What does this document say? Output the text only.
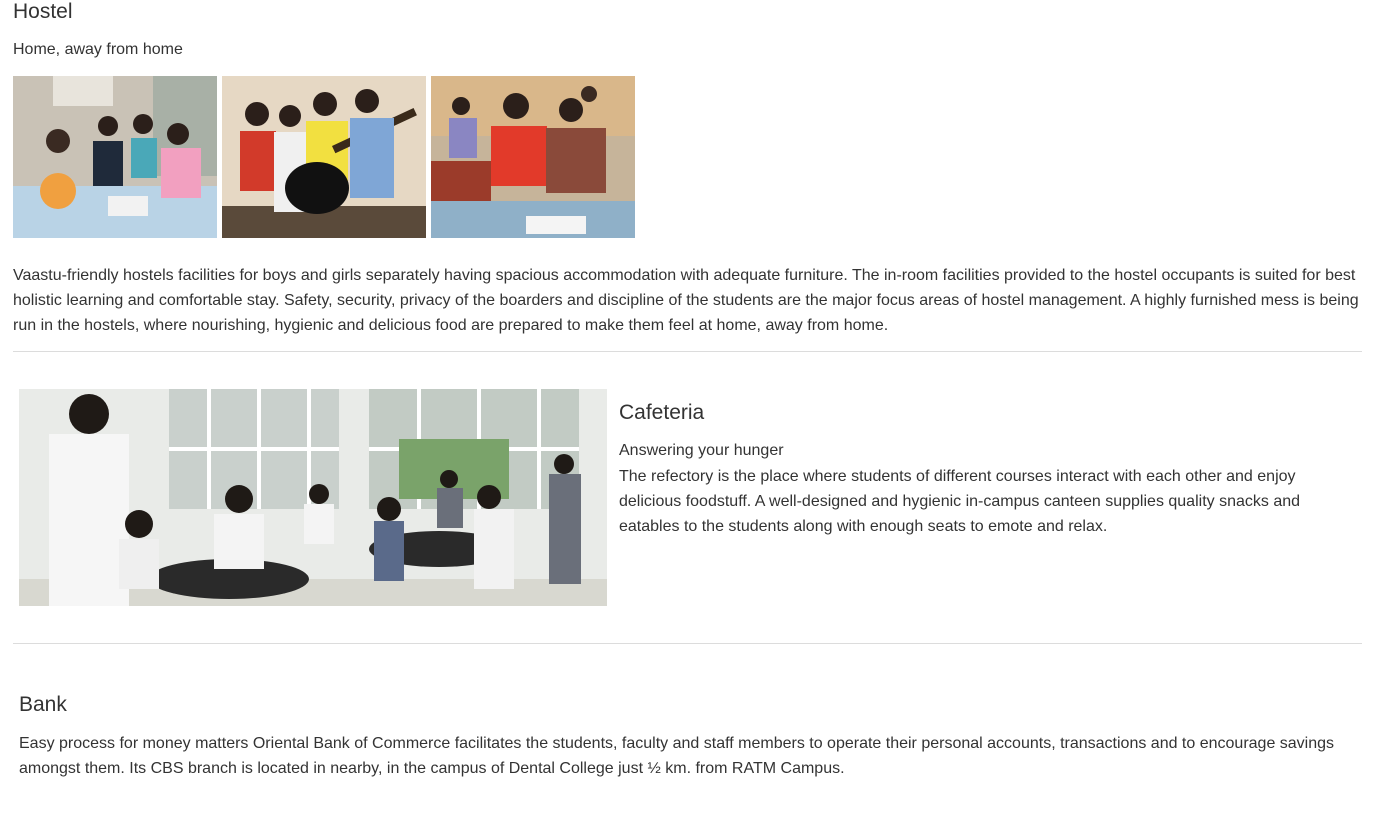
Hostel

Home, away from home

Vaastu-friendly hostels facilities for boys and girls separately having spacious accommodation with adequate furniture. The in-room facilities provided to the hostel occupants is suited for best holistic learning and comfortable stay. Safety, security, privacy of the boarders and discipline of the students are the major focus areas of hostel management. A highly furnished mess is being run in the hostels, where nourishing, hygienic and delicious food are prepared to make them feel at home, away from home.

Cafeteria

Answering your hunger

The refectory is the place where students of different courses interact with each other and enjoy delicious foodstuff. A well-designed and hygienic in-campus canteen supplies quality snacks and eatables to the students along with enough seats to emote and relax.

Bank

Easy process for money matters Oriental Bank of Commerce facilitates the students, faculty and staff members to operate their personal accounts, transactions and to encourage savings amongst them. Its CBS branch is located in nearby, in the campus of Dental College just ½ km. from RATM Campus.
